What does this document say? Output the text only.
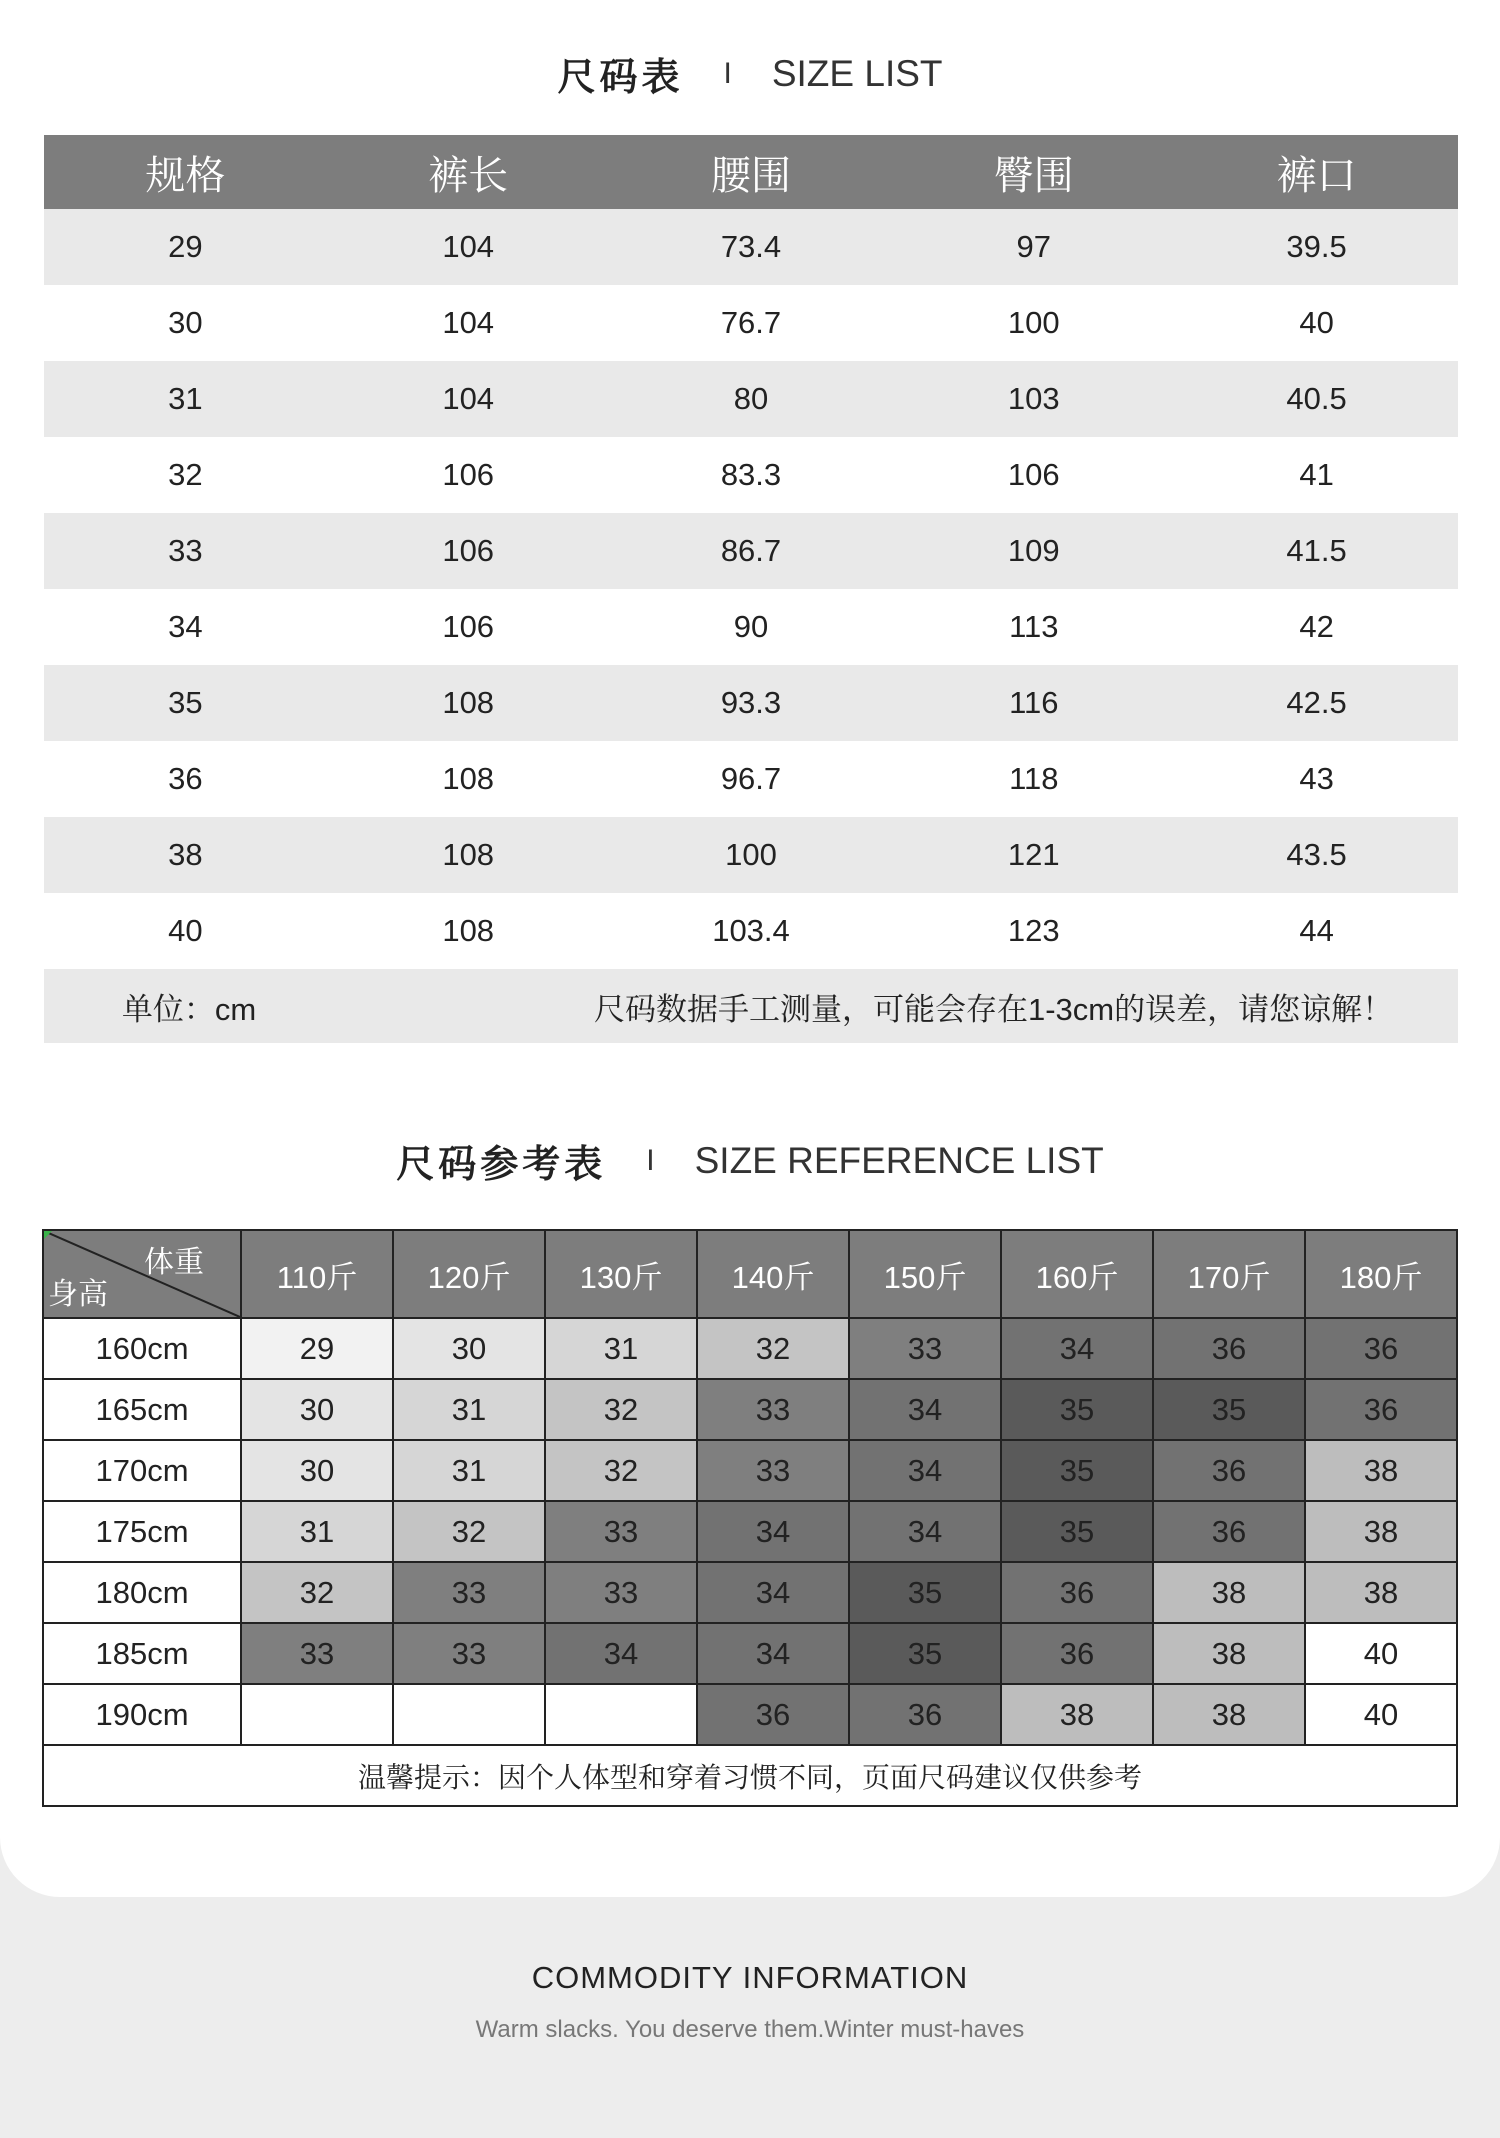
尺码表 I SIZE LIST
规格	裤长	腰围	臀围	裤口
29	104	73.4	97	39.5
30	104	76.7	100	40
31	104	80	103	40.5
32	106	83.3	106	41
33	106	86.7	109	41.5
34	106	90	113	42
35	108	93.3	116	42.5
36	108	96.7	118	43
38	108	100	121	43.5
40	108	103.4	123	44
单位：cm	尺码数据手工测量，可能会存在1-3cm的误差，请您谅解！
尺码参考表 I SIZE REFERENCE LIST
体重
身高	110斤	120斤	130斤	140斤	150斤	160斤	170斤	180斤
160cm	29	30	31	32	33	34	36	36
165cm	30	31	32	33	34	35	35	36
170cm	30	31	32	33	34	35	36	38
175cm	31	32	33	34	34	35	36	38
180cm	32	33	33	34	35	36	38	38
185cm	33	33	34	34	35	36	38	40
190cm				36	36	38	38	40
温馨提示：因个人体型和穿着习惯不同，页面尺码建议仅供参考								
COMMODITY INFORMATION
Warm slacks. You deserve them.Winter must-haves
